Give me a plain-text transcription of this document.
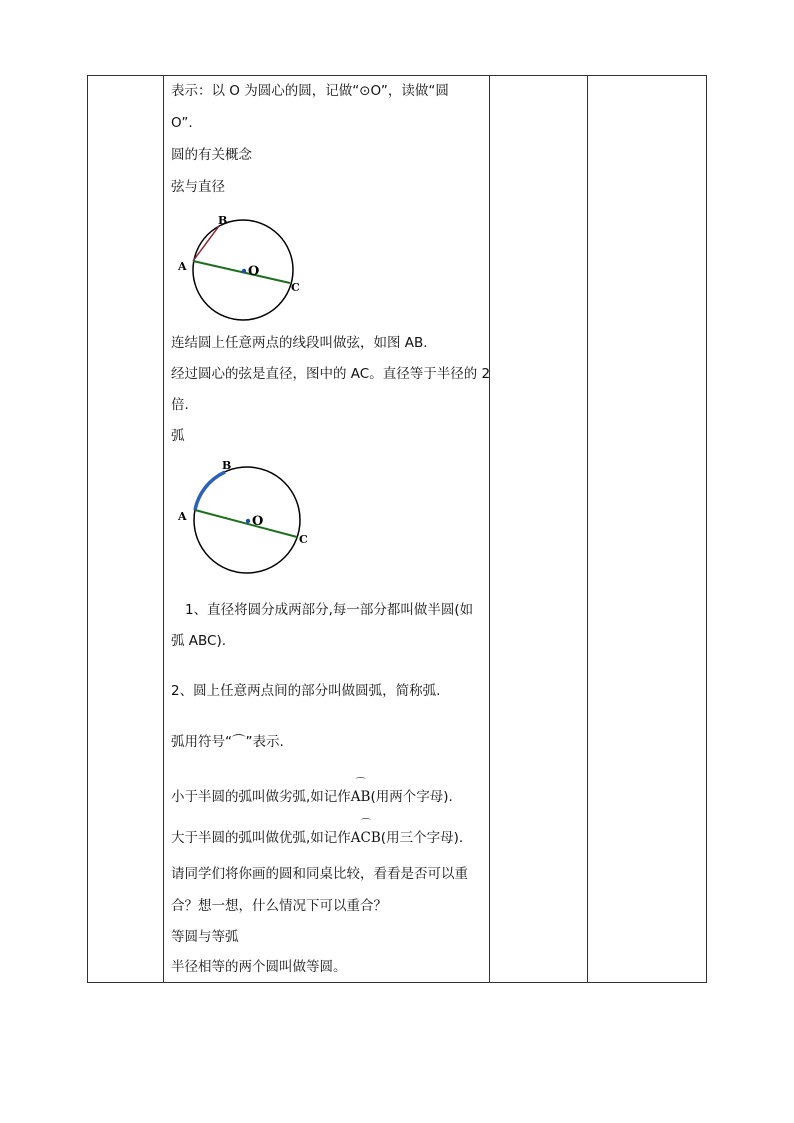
表示：以 O 为圆心的圆，记做“⊙O”，读做“圆
O”.
圆的有关概念
弦与直径
A
B
C
O
连结圆上任意两点的线段叫做弦，如图 AB.
经过圆心的弦是直径，图中的 AC。直径等于半径的 2
倍.
弧
A
B
C
O
1、直径将圆分成两部分,每一部分都叫做半圆(如
弧 ABC).
2、圆上任意两点间的部分叫做圆弧，简称弧.
弧用符号“⌒”表示.
小于半圆的弧叫做劣弧,如记作
⌒
AB(用两个字母).
大于半圆的弧叫做优弧,如记作
⌒
ACB(用三个字母).
请同学们将你画的圆和同桌比较，看看是否可以重
合？想一想，什么情况下可以重合？
等圆与等弧
半径相等的两个圆叫做等圆。
